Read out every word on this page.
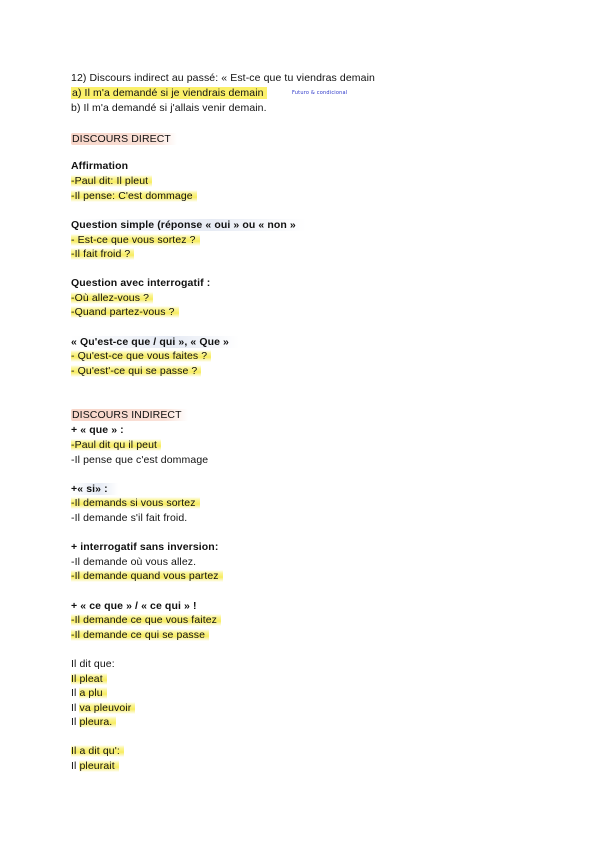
12) Discours indirect au passé: « Est-ce que tu viendras demain
a) Il m'a demandé si je viendrais demain	Futuro & condicional
b) Il m'a demandé si j'allais venir demain.
DISCOURS DIRECT
Affirmation
-Paul dit: Il pleut
-Il pense: C'est dommage
Question simple (réponse « oui » ou « non »
- Est-ce que vous sortez ?
-Il fait froid ?
Question avec interrogatif :
-Où allez-vous ?
-Quand partez-vous ?
« Qu'est-ce que / qui », « Que »
- Qu'est-ce que vous faites ?
- Qu'est'-ce qui se passe ?
DISCOURS INDIRECT
+ « que » :
-Paul dit qu il peut
-Il pense que c'est dommage
+« si» :
-Il demands si vous sortez
-Il demande s'il fait froid.
+ interrogatif sans inversion:
-Il demande où vous allez.
-Il demande quand vous partez
+ « ce que » / « ce qui » !
-Il demande ce que vous faitez
-Il demande ce qui se passe
Il dit que:
Il pleat
Il a plu
Il va pleuvoir
Il pleura.
Il a dit qu':
Il pleurait
